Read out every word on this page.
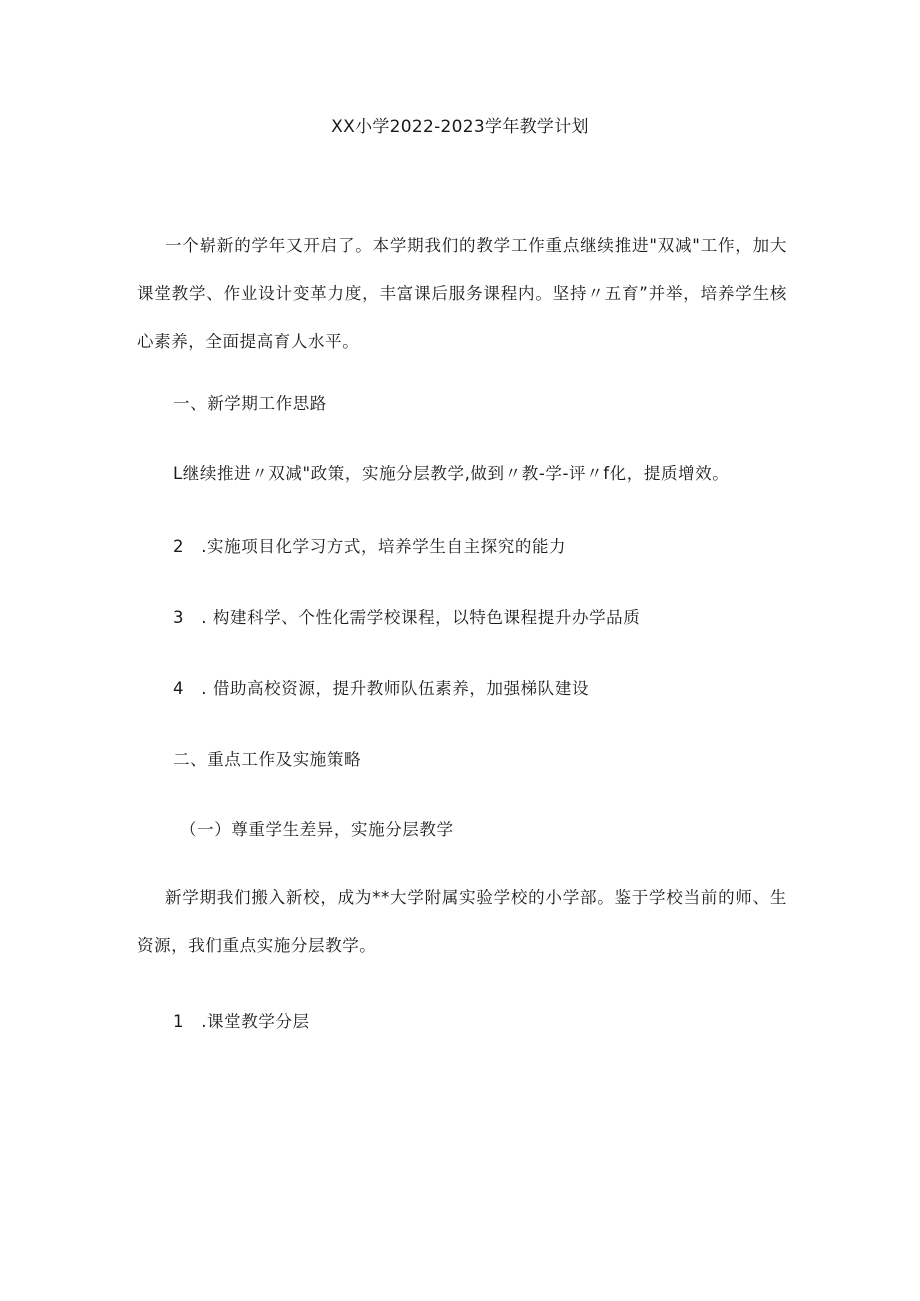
XX小学2022-2023学年教学计划

一个崭新的学年又开启了。本学期我们的教学工作重点继续推进"双减"工作，加大课堂教学、作业设计变革力度，丰富课后服务课程内。坚持〃五育”并举，培养学生核心素养，全面提高育人水平。

一、新学期工作思路
L继续推进〃双减"政策，实施分层教学,做到〃教-学-评〃f化，提质增效。
2　.实施项目化学习方式，培养学生自主探究的能力
3　. 构建科学、个性化需学校课程，以特色课程提升办学品质
4　. 借助高校资源，提升教师队伍素养，加强梯队建设
二、重点工作及实施策略
（一）尊重学生差异，实施分层教学

新学期我们搬入新校，成为**大学附属实验学校的小学部。鉴于学校当前的师、生资源，我们重点实施分层教学。

1　.课堂教学分层
